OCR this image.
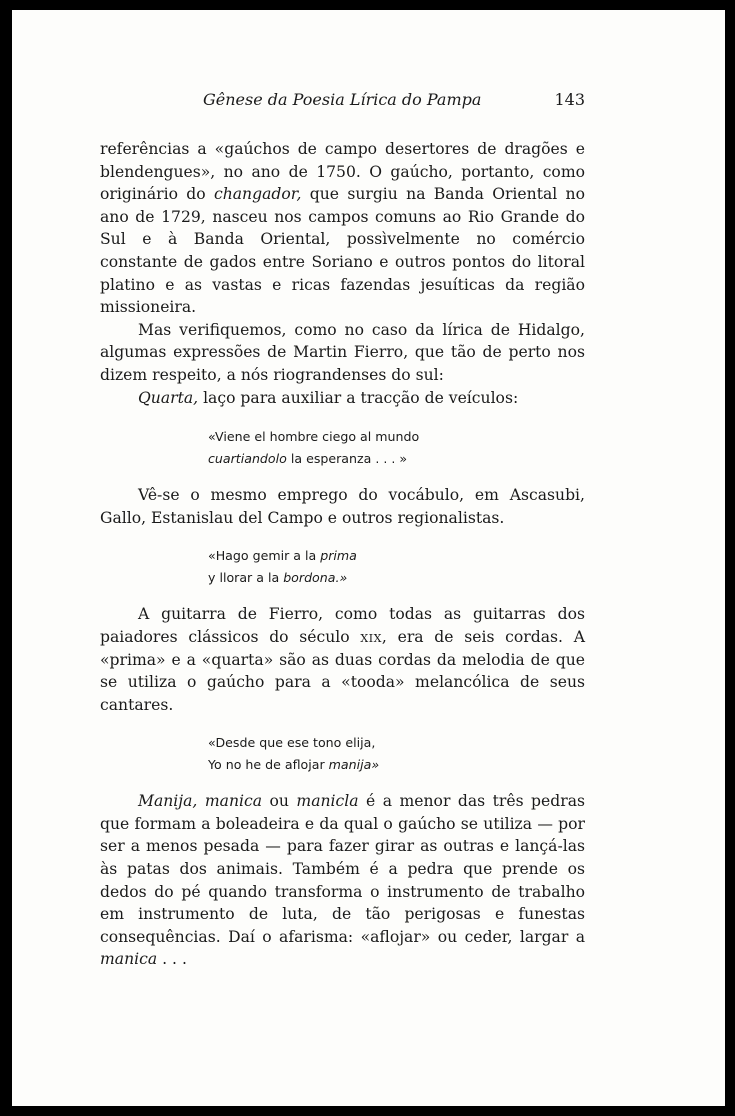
Gênese da Poesia Lírica do Pampa	143

referências a «gaúchos de campo desertores de dragões e blendengues», no ano de 1750. O gaúcho, portanto, como originário do changador, que surgiu na Banda Oriental no ano de 1729, nasceu nos campos comuns ao Rio Grande do Sul e à Banda Oriental, possìvelmente no comércio constante de gados entre Soriano e outros pontos do litoral platino e as vastas e ricas fazendas jesuíticas da região missioneira.

Mas verifiquemos, como no caso da lírica de Hidalgo, algumas expressões de Martin Fierro, que tão de perto nos dizem respeito, a nós riograndenses do sul:

Quarta, laço para auxiliar a tracção de veículos:

«Viene el hombre ciego al mundo
cuartiandolo la esperanza . . . »

Vê-se o mesmo emprego do vocábulo, em Ascasubi, Gallo, Estanislau del Campo e outros regionalistas.

«Hago gemir a la prima
y llorar a la bordona.»

A guitarra de Fierro, como todas as guitarras dos paiadores clássicos do século xix, era de seis cordas. A «prima» e a «quarta» são as duas cordas da melodia de que se utiliza o gaúcho para a «tooda» melancólica de seus cantares.

«Desde que ese tono elija,
Yo no he de aflojar manija»

Manija, manica ou manicla é a menor das três pedras que formam a boleadeira e da qual o gaúcho se utiliza — por ser a menos pesada — para fazer girar as outras e lançá-las às patas dos animais. Também é a pedra que prende os dedos do pé quando transforma o instrumento de trabalho em instrumento de luta, de tão perigosas e funestas consequências. Daí o afarisma: «aflojar» ou ceder, largar a manica . . .
